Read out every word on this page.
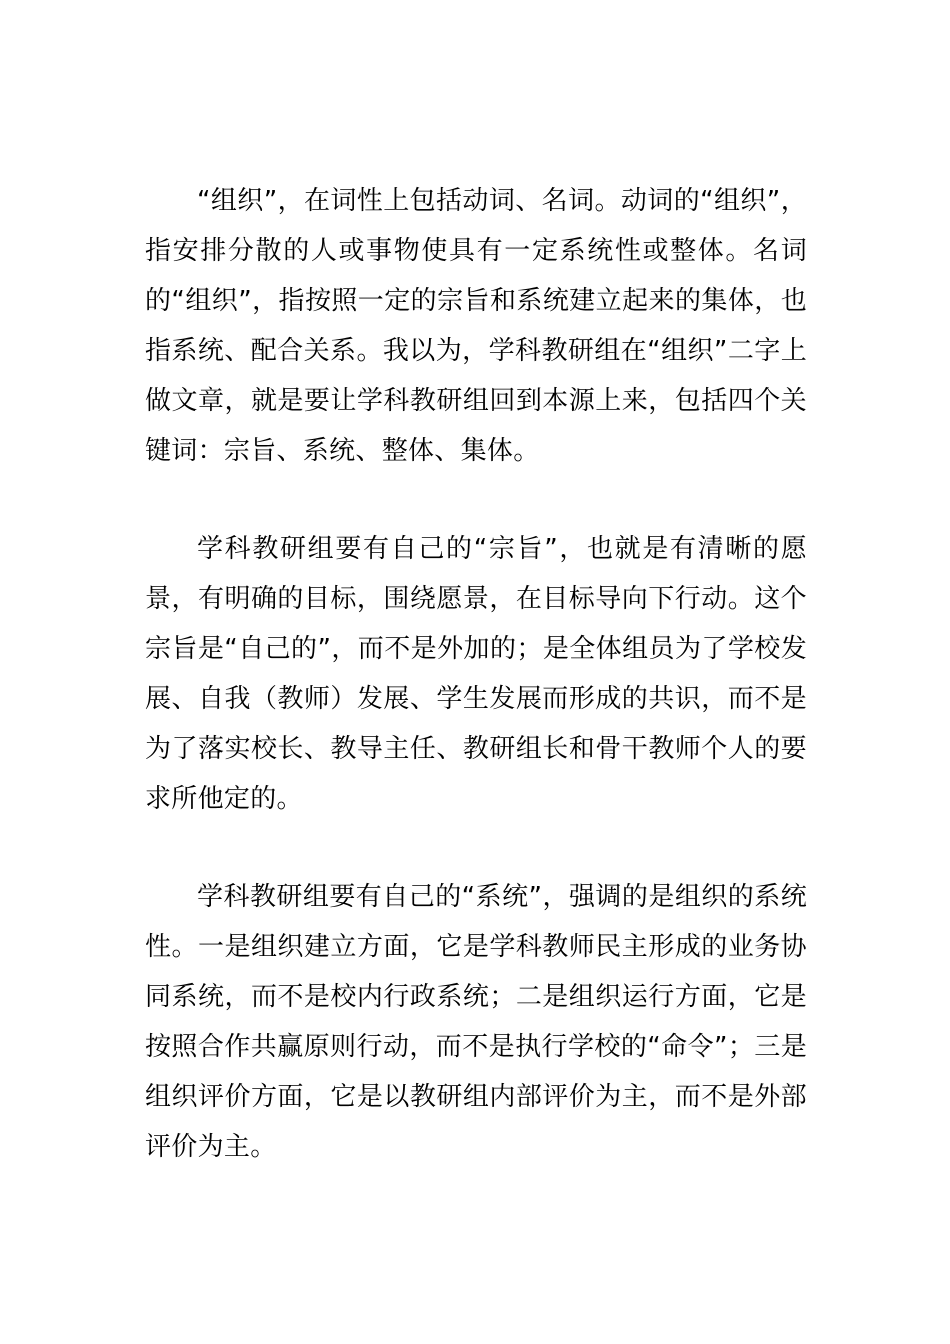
“组织”，在词性上包括动词、名词。动词的“组织”，指安排分散的人或事物使具有一定系统性或整体。名词的“组织”，指按照一定的宗旨和系统建立起来的集体，也指系统、配合关系。我以为，学科教研组在“组织”二字上做文章，就是要让学科教研组回到本源上来，包括四个关键词：宗旨、系统、整体、集体。

学科教研组要有自己的“宗旨”，也就是有清晰的愿景，有明确的目标，围绕愿景，在目标导向下行动。这个宗旨是“自己的”，而不是外加的；是全体组员为了学校发展、自我（教师）发展、学生发展而形成的共识，而不是为了落实校长、教导主任、教研组长和骨干教师个人的要求所他定的。

学科教研组要有自己的“系统”，强调的是组织的系统性。一是组织建立方面，它是学科教师民主形成的业务协同系统，而不是校内行政系统；二是组织运行方面，它是按照合作共赢原则行动，而不是执行学校的“命令”；三是组织评价方面，它是以教研组内部评价为主，而不是外部评价为主。
